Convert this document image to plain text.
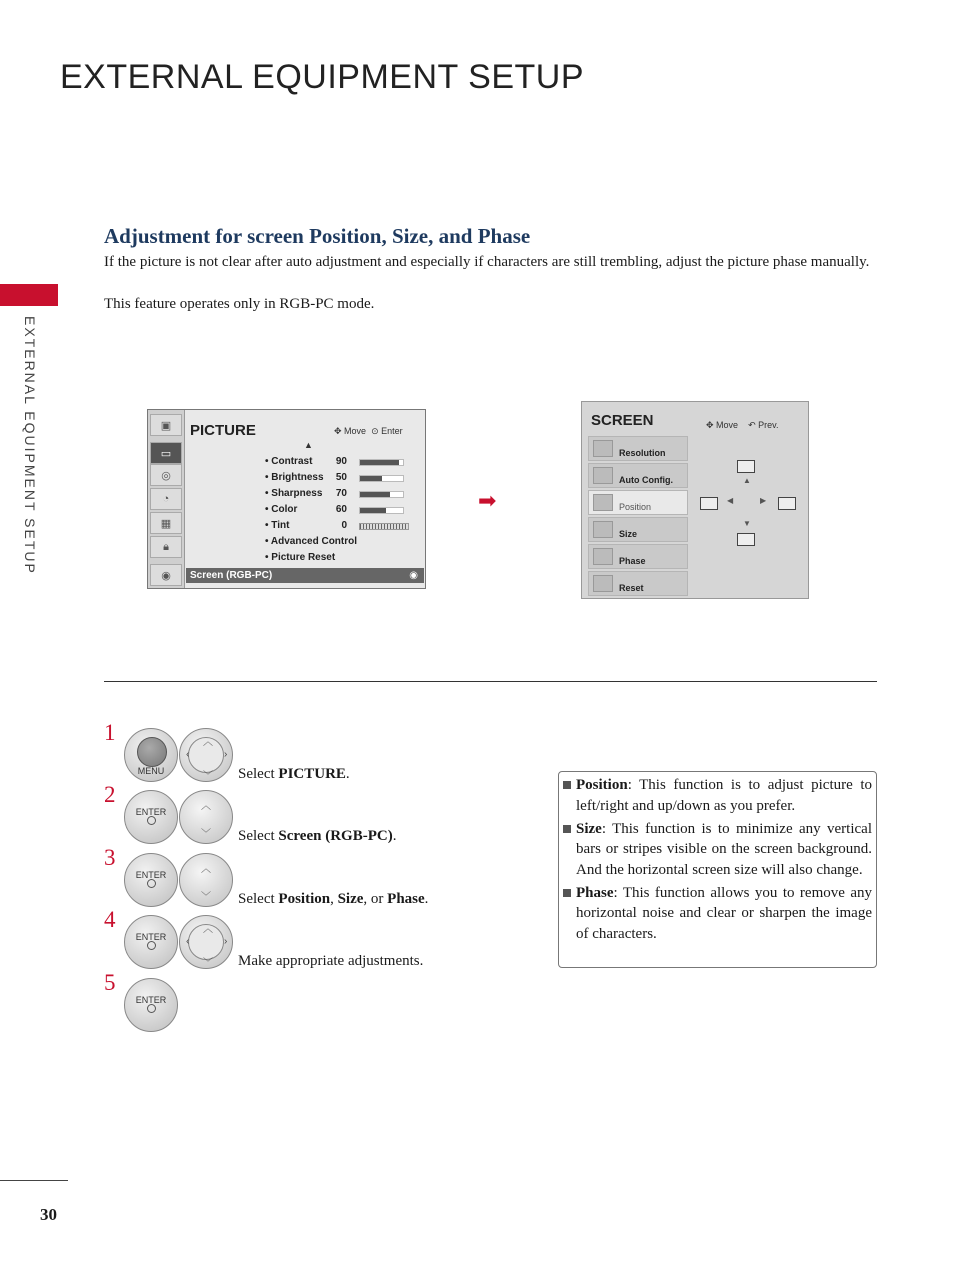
EXTERNAL EQUIPMENT SETUP
EXTERNAL EQUIPMENT SETUP
Adjustment for screen Position, Size, and Phase
If the picture is not clear after auto adjustment and especially if characters are still trembling, adjust the picture phase manually.
This feature operates only in RGB-PC mode.
▣
▭
◎
◔
▦
🔒︎
◉
PICTURE	✥ Move  ⊙ Enter
▲
• Contrast 90
• Brightness 50
• Sharpness 70
• Color	60
• Tint	0
• Advanced Control
• Picture Reset
Screen (RGB-PC)	◉
➡
SCREEN	✥ Move    ↶ Prev.
Resolution
Auto Config.
Position
Size
Phase
Reset
▲
◀	▶
▼
1
MENU
︿
﹀
‹	›
Select PICTURE.
2
ENTER	︿
﹀ Select Screen (RGB-PC).
3
ENTER	︿
﹀ Select Position, Size, or Phase.
4
ENTER
︿
﹀
‹	›
Make appropriate adjustments.
5
ENTER

Position: This function is to adjust picture to left/right and up/down as you prefer.

Size: This function is to minimize any vertical bars or stripes visible on the screen background. And the horizontal screen size will also change.

Phase: This function allows you to remove any horizontal noise and clear or sharpen the image of characters.

30
